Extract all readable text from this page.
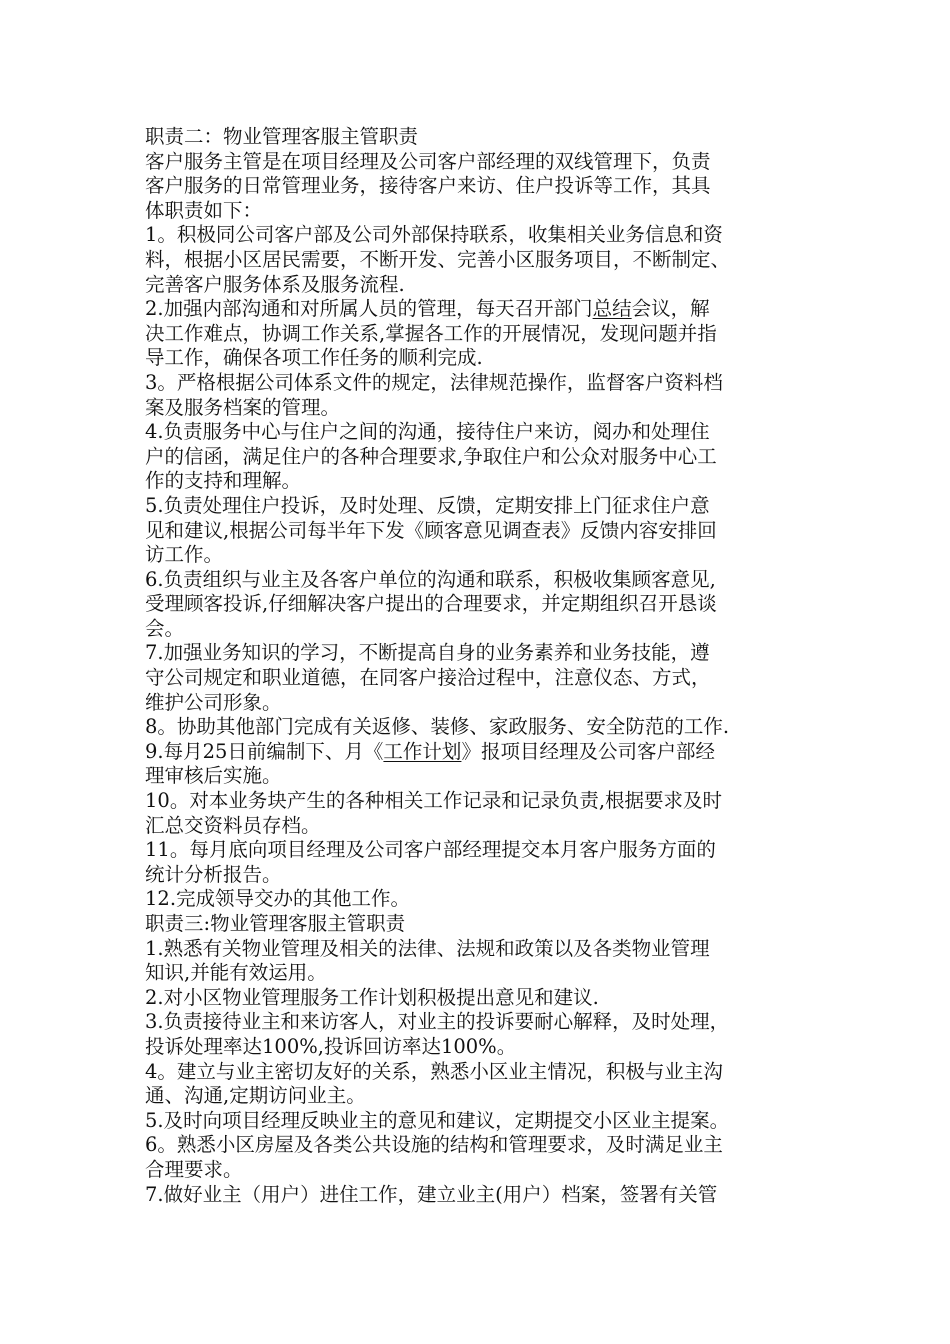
职责二：物业管理客服主管职责
客户服务主管是在项目经理及公司客户部经理的双线管理下，负责
客户服务的日常管理业务，接待客户来访、住户投诉等工作，其具
体职责如下：
1。积极同公司客户部及公司外部保持联系，收集相关业务信息和资
料，根据小区居民需要，不断开发、完善小区服务项目，不断制定、
完善客户服务体系及服务流程.
2.加强内部沟通和对所属人员的管理，每天召开部门总结会议，解
决工作难点，协调工作关系,掌握各工作的开展情况，发现问题并指
导工作，确保各项工作任务的顺利完成.
3。严格根据公司体系文件的规定，法律规范操作，监督客户资料档
案及服务档案的管理。
4.负责服务中心与住户之间的沟通，接待住户来访，阅办和处理住
户的信函，满足住户的各种合理要求,争取住户和公众对服务中心工
作的支持和理解。
5.负责处理住户投诉，及时处理、反馈，定期安排上门征求住户意
见和建议,根据公司每半年下发《顾客意见调查表》反馈内容安排回
访工作。
6.负责组织与业主及各客户单位的沟通和联系，积极收集顾客意见,
受理顾客投诉,仔细解决客户提出的合理要求，并定期组织召开恳谈
会。
7.加强业务知识的学习，不断提高自身的业务素养和业务技能，遵
守公司规定和职业道德，在同客户接洽过程中，注意仪态、方式，
维护公司形象。
8。协助其他部门完成有关返修、装修、家政服务、安全防范的工作.
9.每月25日前编制下、月《工作计划》报项目经理及公司客户部经
理审核后实施。
10。对本业务块产生的各种相关工作记录和记录负责,根据要求及时
汇总交资料员存档。
11。每月底向项目经理及公司客户部经理提交本月客户服务方面的
统计分析报告。
12.完成领导交办的其他工作。
职责三:物业管理客服主管职责
1.熟悉有关物业管理及相关的法律、法规和政策以及各类物业管理
知识,并能有效运用。
2.对小区物业管理服务工作计划积极提出意见和建议.
3.负责接待业主和来访客人，对业主的投诉要耐心解释，及时处理，
投诉处理率达100%,投诉回访率达100%。
4。建立与业主密切友好的关系，熟悉小区业主情况，积极与业主沟
通、沟通,定期访问业主。
5.及时向项目经理反映业主的意见和建议，定期提交小区业主提案。
6。熟悉小区房屋及各类公共设施的结构和管理要求，及时满足业主
合理要求。
7.做好业主（用户）进住工作，建立业主(用户）档案，签署有关管
